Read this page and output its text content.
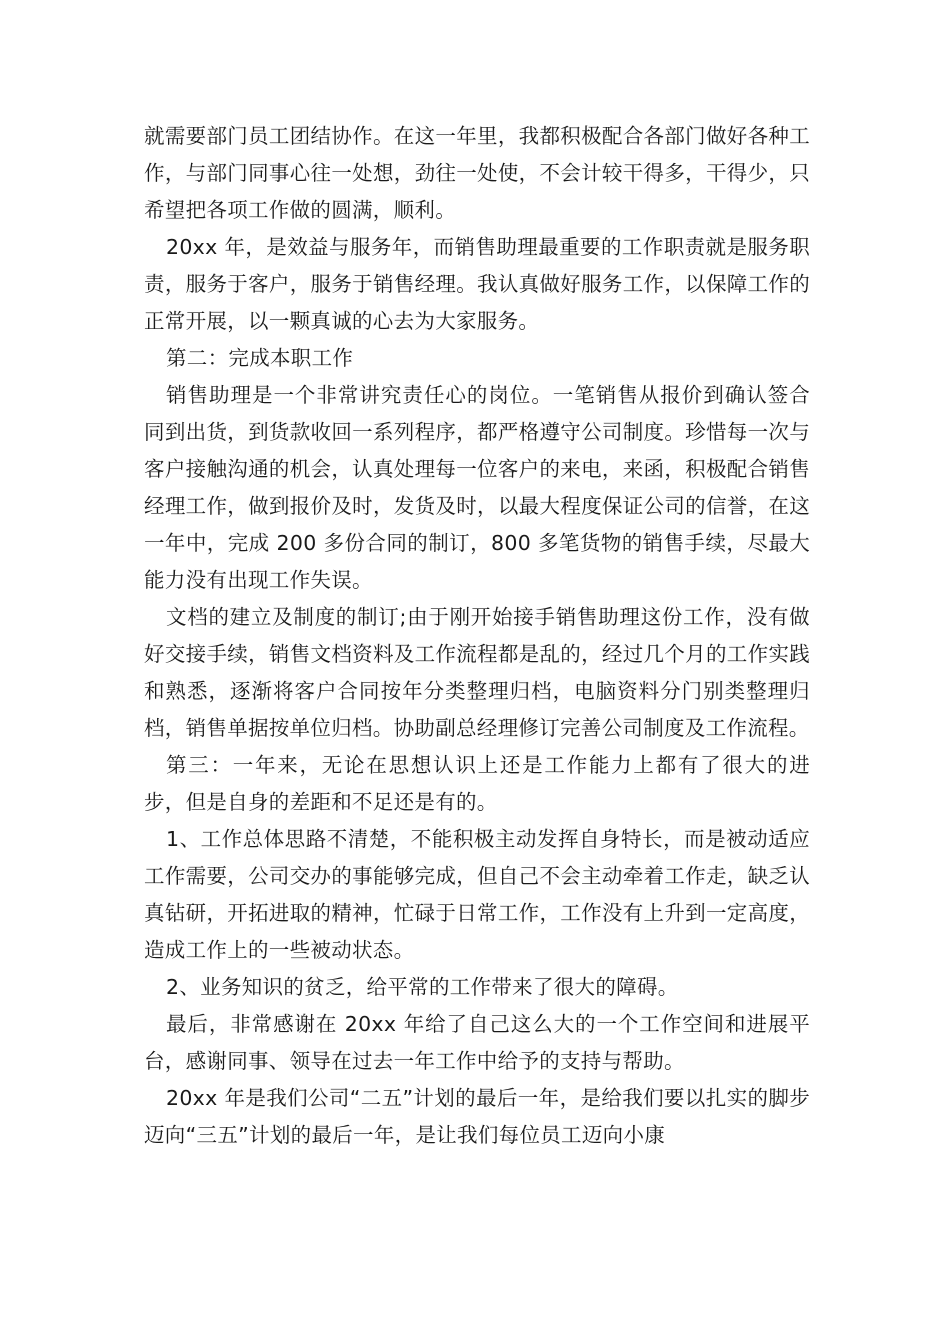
就需要部门员工团结协作。在这一年里，我都积极配合各部门做好各种工作，与部门同事心往一处想，劲往一处使，不会计较干得多，干得少，只希望把各项工作做的圆满，顺利。

20xx 年，是效益与服务年，而销售助理最重要的工作职责就是服务职责，服务于客户，服务于销售经理。我认真做好服务工作，以保障工作的正常开展，以一颗真诚的心去为大家服务。

第二：完成本职工作

销售助理是一个非常讲究责任心的岗位。一笔销售从报价到确认签合同到出货，到货款收回一系列程序，都严格遵守公司制度。珍惜每一次与客户接触沟通的机会，认真处理每一位客户的来电，来函，积极配合销售经理工作，做到报价及时，发货及时，以最大程度保证公司的信誉，在这一年中，完成 200 多份合同的制订，800 多笔货物的销售手续，尽最大能力没有出现工作失误。

文档的建立及制度的制订;由于刚开始接手销售助理这份工作，没有做好交接手续，销售文档资料及工作流程都是乱的，经过几个月的工作实践和熟悉，逐渐将客户合同按年分类整理归档，电脑资料分门别类整理归档，销售单据按单位归档。协助副总经理修订完善公司制度及工作流程。

第三：一年来，无论在思想认识上还是工作能力上都有了很大的进步，但是自身的差距和不足还是有的。

1、工作总体思路不清楚，不能积极主动发挥自身特长，而是被动适应工作需要，公司交办的事能够完成，但自己不会主动牵着工作走，缺乏认真钻研，开拓进取的精神，忙碌于日常工作，工作没有上升到一定高度，造成工作上的一些被动状态。

2、业务知识的贫乏，给平常的工作带来了很大的障碍。

最后，非常感谢在 20xx 年给了自己这么大的一个工作空间和进展平台，感谢同事、领导在过去一年工作中给予的支持与帮助。

20xx 年是我们公司“二五”计划的最后一年，是给我们要以扎实的脚步迈向“三五”计划的最后一年，是让我们每位员工迈向小康
